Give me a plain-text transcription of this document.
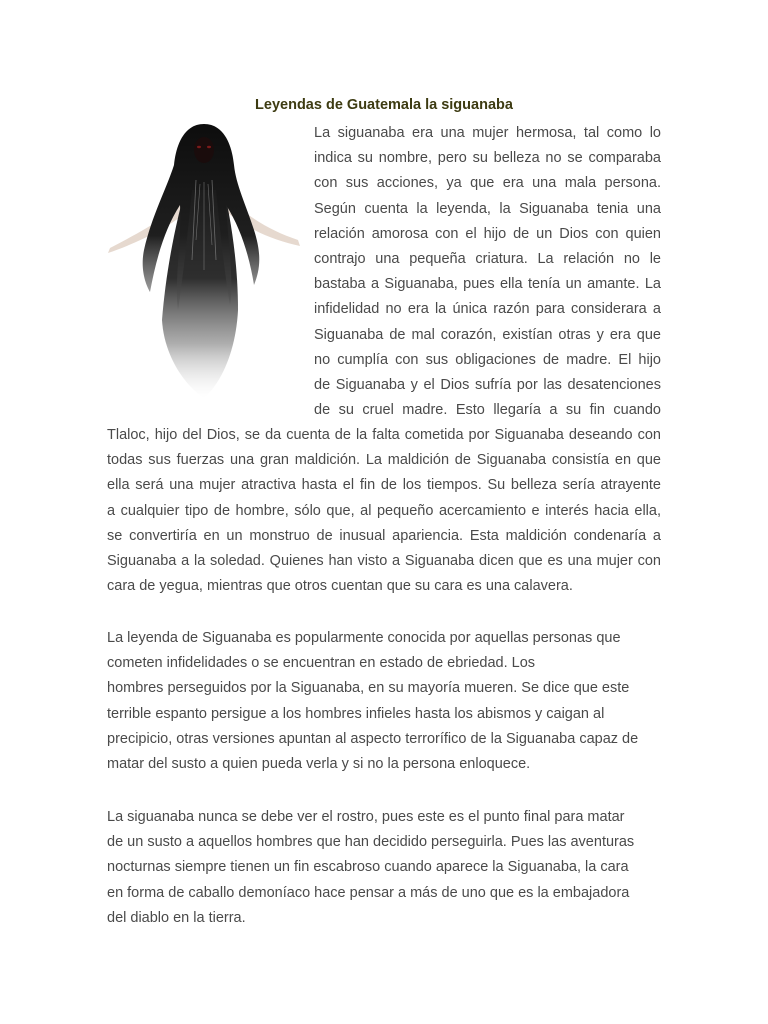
Leyendas de Guatemala la siguanaba
La siguanaba era una mujer hermosa, tal como lo
indica su nombre, pero su belleza no se comparaba
con sus acciones, ya que era una mala persona.
Según cuenta la leyenda, la Siguanaba tenia una
relación amorosa con el hijo de un Dios con quien
contrajo una pequeña criatura. La relación no le
bastaba a Siguanaba, pues ella tenía un amante. La
infidelidad no era la única razón para considerara a
Siguanaba de mal corazón, existían otras y era que
no cumplía con sus obligaciones de madre. El hijo
de Siguanaba y el Dios sufría por las desatenciones
de su cruel madre. Esto llegaría a su fin cuando
Tlaloc, hijo del Dios, se da cuenta de la falta cometida por Siguanaba deseando con
todas sus fuerzas una gran maldición. La maldición de Siguanaba consistía en que
ella será una mujer atractiva hasta el fin de los tiempos. Su belleza sería atrayente
a cualquier tipo de hombre, sólo que, al pequeño acercamiento e interés hacia ella,
se convertiría en un monstruo de inusual apariencia. Esta maldición condenaría a
Siguanaba a la soledad. Quienes han visto a Siguanaba dicen que es una mujer con
cara de yegua, mientras que otros cuentan que su cara es una calavera.
La leyenda de Siguanaba es popularmente conocida por aquellas personas que
cometen infidelidades o se encuentran en estado de ebriedad. Los
hombres perseguidos por la Siguanaba, en su mayoría mueren. Se dice que este
terrible espanto persigue a los hombres infieles hasta los abismos y caigan al
precipicio, otras versiones apuntan al aspecto terrorífico de la Siguanaba capaz de
matar del susto a quien pueda verla y si no la persona enloquece.
La siguanaba nunca se debe ver el rostro, pues este es el punto final para matar
de un susto a aquellos hombres que han decidido perseguirla. Pues las aventuras
nocturnas siempre tienen un fin escabroso cuando aparece la Siguanaba, la cara
en forma de caballo demoníaco hace pensar a más de uno que es la embajadora
del diablo en la tierra.
